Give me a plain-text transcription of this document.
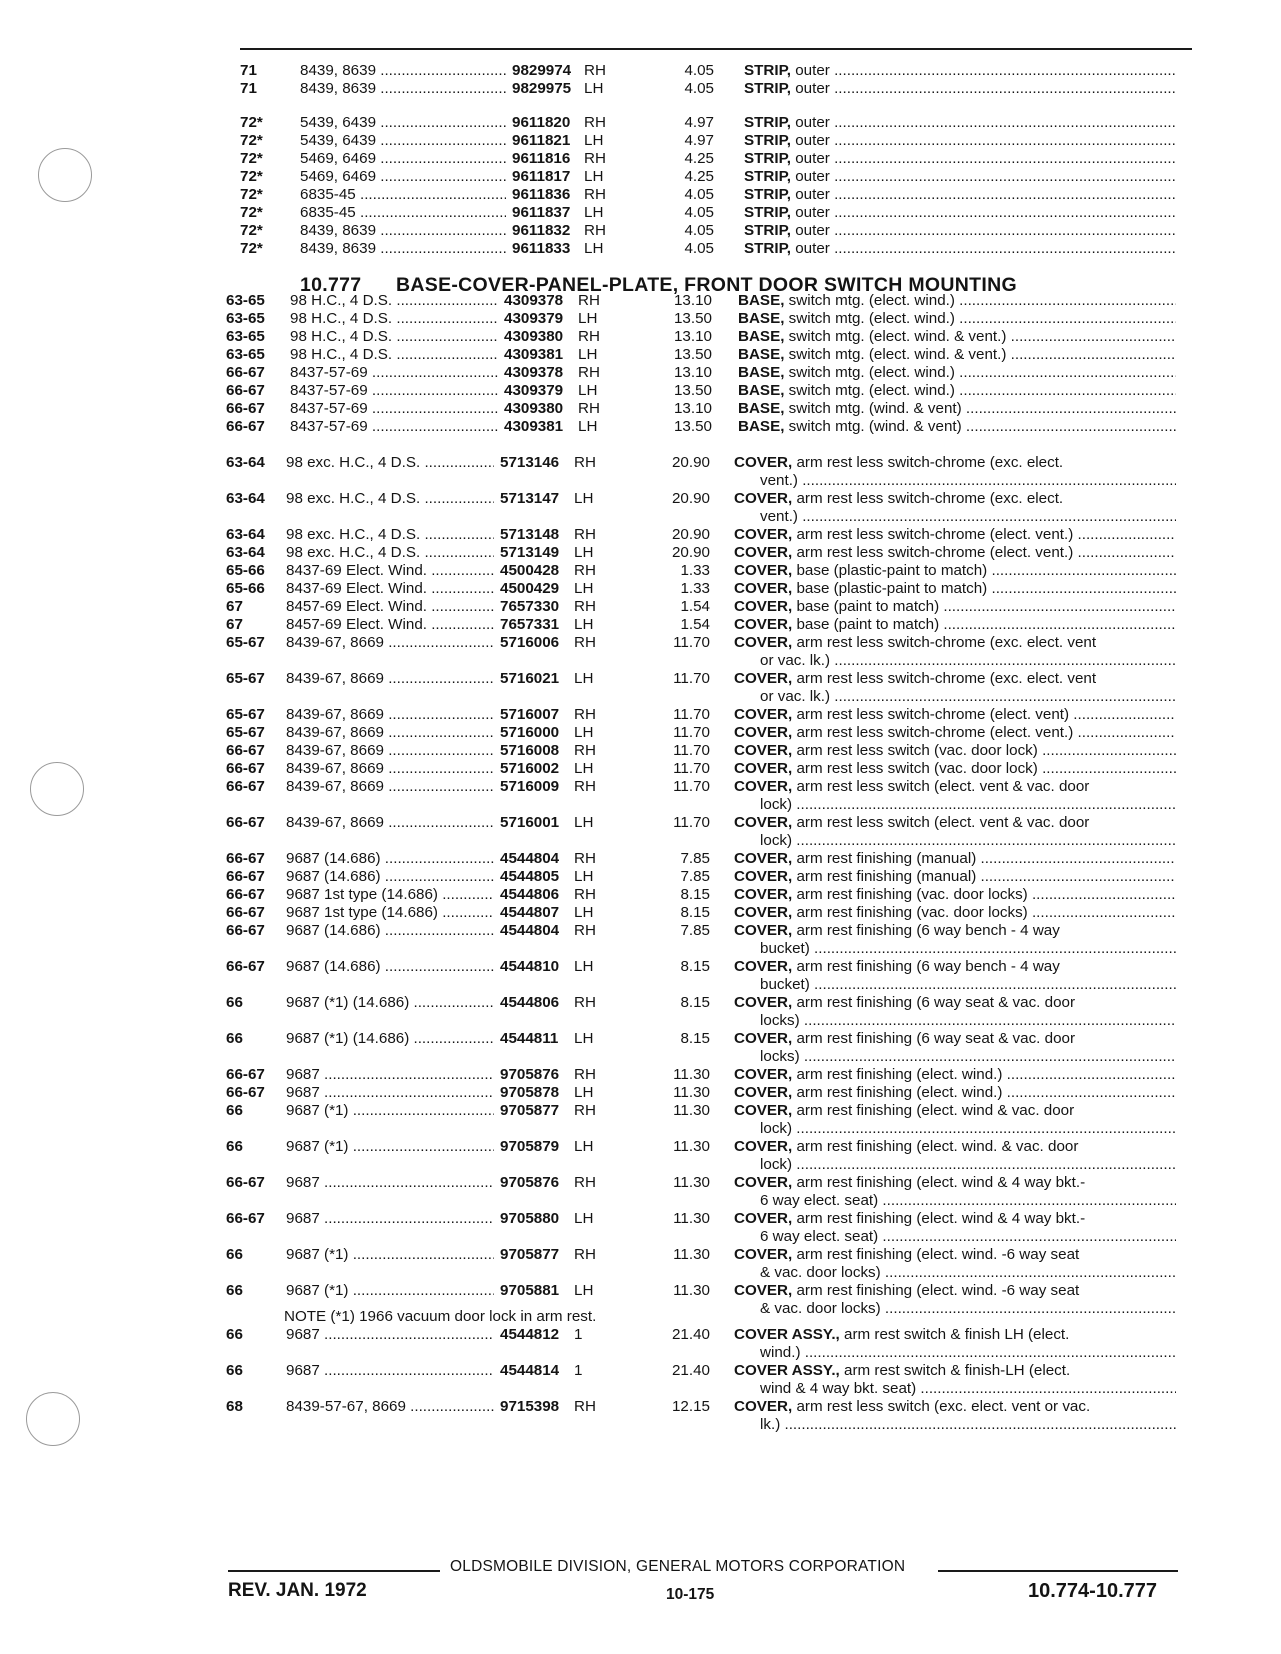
10.777 BASE-COVER-PANEL-PLATE, FRONT DOOR SWITCH MOUNTING
71	8439, 8639 .....	9829974 RH	4.05 STRIP, outer .....
71	8439, 8639 .....	9829975 LH	4.05 STRIP, outer .....
72* 5439, 6439 .....	9611820 RH	4.97 STRIP, outer .....
72* 5439, 6439 .....	9611821 LH	4.97 STRIP, outer .....
72* 5469, 6469 .....	9611816 RH	4.25 STRIP, outer .....
72* 5469, 6469 .....	9611817 LH	4.25 STRIP, outer .....
72* 6835-45 .....	9611836 RH	4.05 STRIP, outer .....
72* 6835-45 .....	9611837 LH	4.05 STRIP, outer .....
72* 8439, 8639 .....	9611832 RH	4.05 STRIP, outer .....
72* 8439, 8639 .....	9611833 LH	4.05 STRIP, outer .....
63-65 98 H.C., 4 D.S. .....	4309378 RH	13.10 BASE, switch mtg. (elect. wind.) .....
63-65 98 H.C., 4 D.S. .....	4309379 LH	13.50 BASE, switch mtg. (elect. wind.) .....
63-65 98 H.C., 4 D.S. .....	4309380 RH	13.10 BASE, switch mtg. (elect. wind. & vent.) .....
63-65 98 H.C., 4 D.S. .....	4309381 LH	13.50 BASE, switch mtg. (elect. wind. & vent.) .....
66-67 8437-57-69 .....	4309378 RH	13.10 BASE, switch mtg. (elect. wind.) .....
66-67 8437-57-69 .....	4309379 LH	13.50 BASE, switch mtg. (elect. wind.) .....
66-67 8437-57-69 .....	4309380 RH	13.10 BASE, switch mtg. (wind. & vent) .....
66-67 8437-57-69 .....	4309381 LH	13.50 BASE, switch mtg. (wind. & vent) .....
63-64 98 exc. H.C., 4 D.S. .....	5713146 RH	20.90 COVER, arm rest less switch-chrome (exc. elect.
vent.) .....
63-64 98 exc. H.C., 4 D.S. .....	5713147 LH	20.90 COVER, arm rest less switch-chrome (exc. elect.
vent.) .....
63-64 98 exc. H.C., 4 D.S. .....	5713148 RH	20.90 COVER, arm rest less switch-chrome (elect. vent.) .....
63-64 98 exc. H.C., 4 D.S. .....	5713149 LH	20.90 COVER, arm rest less switch-chrome (elect. vent.) .....
65-66 8437-69 Elect. Wind. .....	4500428 RH	1.33 COVER, base (plastic-paint to match) .....
65-66 8437-69 Elect. Wind. .....	4500429 LH	1.33 COVER, base (plastic-paint to match) .....
67	8457-69 Elect. Wind. .....	7657330 RH	1.54 COVER, base (paint to match) .....
67	8457-69 Elect. Wind. .....	7657331 LH	1.54 COVER, base (paint to match) .....
65-67 8439-67, 8669 .....	5716006 RH	11.70 COVER, arm rest less switch-chrome (exc. elect. vent
or vac. lk.) .....
65-67 8439-67, 8669 .....	5716021 LH	11.70 COVER, arm rest less switch-chrome (exc. elect. vent
or vac. lk.) .....
65-67 8439-67, 8669 .....	5716007 RH	11.70 COVER, arm rest less switch-chrome (elect. vent) .....
65-67 8439-67, 8669 .....	5716000 LH	11.70 COVER, arm rest less switch-chrome (elect. vent.) .....
66-67 8439-67, 8669 .....	5716008 RH	11.70 COVER, arm rest less switch (vac. door lock) .....
66-67 8439-67, 8669 .....	5716002 LH	11.70 COVER, arm rest less switch (vac. door lock) .....
66-67 8439-67, 8669 .....	5716009 RH	11.70 COVER, arm rest less switch (elect. vent & vac. door
lock) .....
66-67 8439-67, 8669 .....	5716001 LH	11.70 COVER, arm rest less switch (elect. vent & vac. door
lock) .....
66-67 9687 (14.686) .....	4544804 RH	7.85 COVER, arm rest finishing (manual) .....
66-67 9687 (14.686) .....	4544805 LH	7.85 COVER, arm rest finishing (manual) .....
66-67 9687 1st type (14.686) .....	4544806 RH	8.15 COVER, arm rest finishing (vac. door locks) .....
66-67 9687 1st type (14.686) .....	4544807 LH	8.15 COVER, arm rest finishing (vac. door locks) .....
66-67 9687 (14.686) .....	4544804 RH	7.85 COVER, arm rest finishing (6 way bench - 4 way
bucket) .....
66-67 9687 (14.686) .....	4544810 LH	8.15 COVER, arm rest finishing (6 way bench - 4 way
bucket) .....
66	9687 (*1) (14.686) .....	4544806 RH	8.15 COVER, arm rest finishing (6 way seat & vac. door
locks) .....
66	9687 (*1) (14.686) .....	4544811 LH	8.15 COVER, arm rest finishing (6 way seat & vac. door
locks) .....
66-67 9687 .....	9705876 RH	11.30 COVER, arm rest finishing (elect. wind.) .....
66-67 9687 .....	9705878 LH	11.30 COVER, arm rest finishing (elect. wind.) .....
66	9687 (*1) .....	9705877 RH	11.30 COVER, arm rest finishing (elect. wind & vac. door
lock) .....
66	9687 (*1) .....	9705879 LH	11.30 COVER, arm rest finishing (elect. wind. & vac. door
lock) .....
66-67 9687 .....	9705876 RH	11.30 COVER, arm rest finishing (elect. wind & 4 way bkt.-
6 way elect. seat) .....
66-67 9687 .....	9705880 LH	11.30 COVER, arm rest finishing (elect. wind & 4 way bkt.-
6 way elect. seat) .....
66	9687 (*1) .....	9705877 RH	11.30 COVER, arm rest finishing (elect. wind. -6 way seat
& vac. door locks) .....
66	9687 (*1) .....	9705881 LH	11.30 COVER, arm rest finishing (elect. wind. -6 way seat
& vac. door locks) .....
66	9687 .....	4544812 1	21.40 COVER ASSY., arm rest switch & finish LH (elect.
wind.) .....
66	9687 .....	4544814 1	21.40 COVER ASSY., arm rest switch & finish-LH (elect.
wind & 4 way bkt. seat) .....
68	8439-57-67, 8669 .....	9715398 RH	12.15 COVER, arm rest less switch (exc. elect. vent or vac.
lk.) .....
NOTE (*1) 1966 vacuum door lock in arm rest.
OLDSMOBILE DIVISION, GENERAL MOTORS CORPORATION
REV. JAN. 1972	10-175	10.774-10.777
